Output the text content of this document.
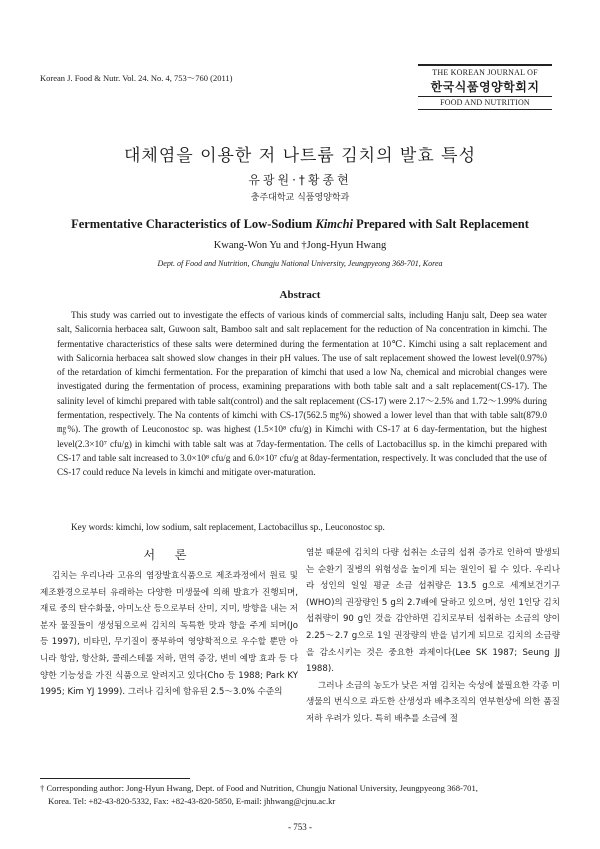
Korean J. Food & Nutr. Vol. 24. No. 4, 753～760 (2011)
THE KOREAN JOURNAL OF
한국식품영양학회지
FOOD AND NUTRITION
대체염을 이용한 저 나트륨 김치의 발효 특성
유광원·†황종현
충주대학교 식품영양학과
Fermentative Characteristics of Low-Sodium Kimchi Prepared with Salt Replacement
Kwang-Won Yu and †Jong-Hyun Hwang
Dept. of Food and Nutrition, Chungju National University, Jeungpyeong 368-701, Korea
Abstract

This study was carried out to investigate the effects of various kinds of commercial salts, including Hanju salt, Deep sea water salt, Salicornia herbacea salt, Guwoon salt, Bamboo salt and salt replacement for the reduction of Na concentration in kimchi. The fermentative characteristics of these salts were determined during the fermentation at 10℃. Kimchi using a salt replacement and with Salicornia herbacea salt showed slow changes in their pH values. The use of salt replacement showed the lowest level(0.97%) of the retardation of kimchi fermentation. For the preparation of kimchi that used a low Na, chemical and microbial changes were investigated during the fermentation of process, examining preparations with both table salt and a salt replacement(CS-17). The salinity level of kimchi prepared with table salt(control) and the salt replacement (CS-17) were 2.17～2.5% and 1.72～1.99% during fermentation, respectively. The Na contents of kimchi with CS-17(562.5 ㎎%) showed a lower level than that with table salt(879.0 ㎎%). The growth of Leuconostoc sp. was highest (1.5×10⁸ cfu/g) in Kimchi with CS-17 at 6 day-fermentation, but the highest level(2.3×10⁷ cfu/g) in kimchi with table salt was at 7day-fermentation. The cells of Lactobacillus sp. in the kimchi prepared with CS-17 and table salt increased to 3.0×10⁸ cfu/g and 6.0×10⁷ cfu/g at 8day-fermentation, respectively. It was concluded that the use of CS-17 could reduce Na levels in kimchi and mitigate over-maturation.

Key words: kimchi, low sodium, salt replacement, Lactobacillus sp., Leuconostoc sp.
서 론

김치는 우리나라 고유의 염장발효식품으로 제조과정에서 원료 및 제조환경으로부터 유래하는 다양한 미생물에 의해 발효가 진행되며, 재료 중의 탄수화물, 아미노산 등으로부터 산미, 지미, 방향을 내는 저분자 물질들이 생성됨으로써 김치의 독특한 맛과 향을 주게 되며(Jo 등 1997), 비타민, 무기질이 풍부하여 영양학적으로 우수할 뿐만 아니라 항암, 항산화, 콜레스테롤 저하, 면역 증강, 변비 예방 효과 등 다양한 기능성을 가진 식품으로 알려지고 있다(Cho 등 1988; Park KY 1995; Kim YJ 1999). 그러나 김치에 함유된 2.5～3.0% 수준의

염분 때문에 김치의 다량 섭취는 소금의 섭취 증가로 인하여 발생되는 순환기 질병의 위험성을 높이게 되는 원인이 될 수 있다. 우리나라 성인의 일일 평균 소금 섭취량은 13.5 g으로 세계보건기구(WHO)의 권장량인 5 g의 2.7배에 달하고 있으며, 성인 1인당 김치섭취량이 90 g인 것을 감안하면 김치로부터 섭취하는 소금의 양이 2.25～2.7 g으로 1일 권장량의 반을 넘기게 되므로 김치의 소금량을 감소시키는 것은 중요한 과제이다(Lee SK 1987; Seung JJ 1988).

그러나 소금의 농도가 낮은 저염 김치는 숙성에 불필요한 각종 미생물의 번식으로 과도한 산생성과 배추조직의 연부현상에 의한 품질 저하 우려가 있다. 특히 배추를 소금에 절

† Corresponding author: Jong-Hyun Hwang, Dept. of Food and Nutrition, Chungju National University, Jeungpyeong 368-701,
Korea. Tel: +82-43-820-5332, Fax: +82-43-820-5850, E-mail: jhhwang@cjnu.ac.kr
- 753 -
